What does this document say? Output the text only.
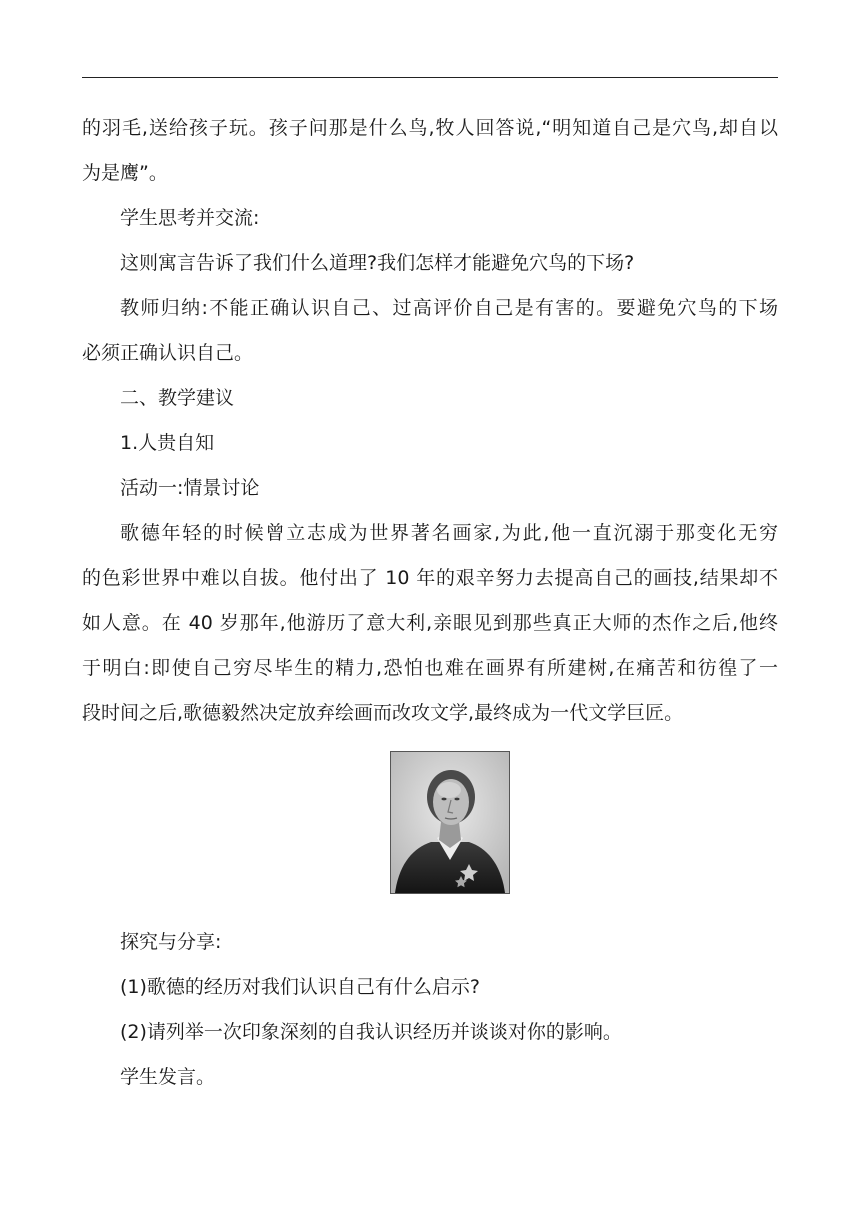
的羽毛,送给孩子玩。孩子问那是什么鸟,牧人回答说,“明知道自己是穴鸟,却自以
为是鹰”。
学生思考并交流:
这则寓言告诉了我们什么道理?我们怎样才能避免穴鸟的下场?
教师归纳:不能正确认识自己、过高评价自己是有害的。要避免穴鸟的下场
必须正确认识自己。
二、教学建议
1.人贵自知
活动一:情景讨论
歌德年轻的时候曾立志成为世界著名画家,为此,他一直沉溺于那变化无穷
的色彩世界中难以自拔。他付出了 10 年的艰辛努力去提高自己的画技,结果却不
如人意。在 40 岁那年,他游历了意大利,亲眼见到那些真正大师的杰作之后,他终
于明白:即使自己穷尽毕生的精力,恐怕也难在画界有所建树,在痛苦和彷徨了一
段时间之后,歌德毅然决定放弃绘画而改攻文学,最终成为一代文学巨匠。
探究与分享:
(1)歌德的经历对我们认识自己有什么启示?
(2)请列举一次印象深刻的自我认识经历并谈谈对你的影响。
学生发言。
